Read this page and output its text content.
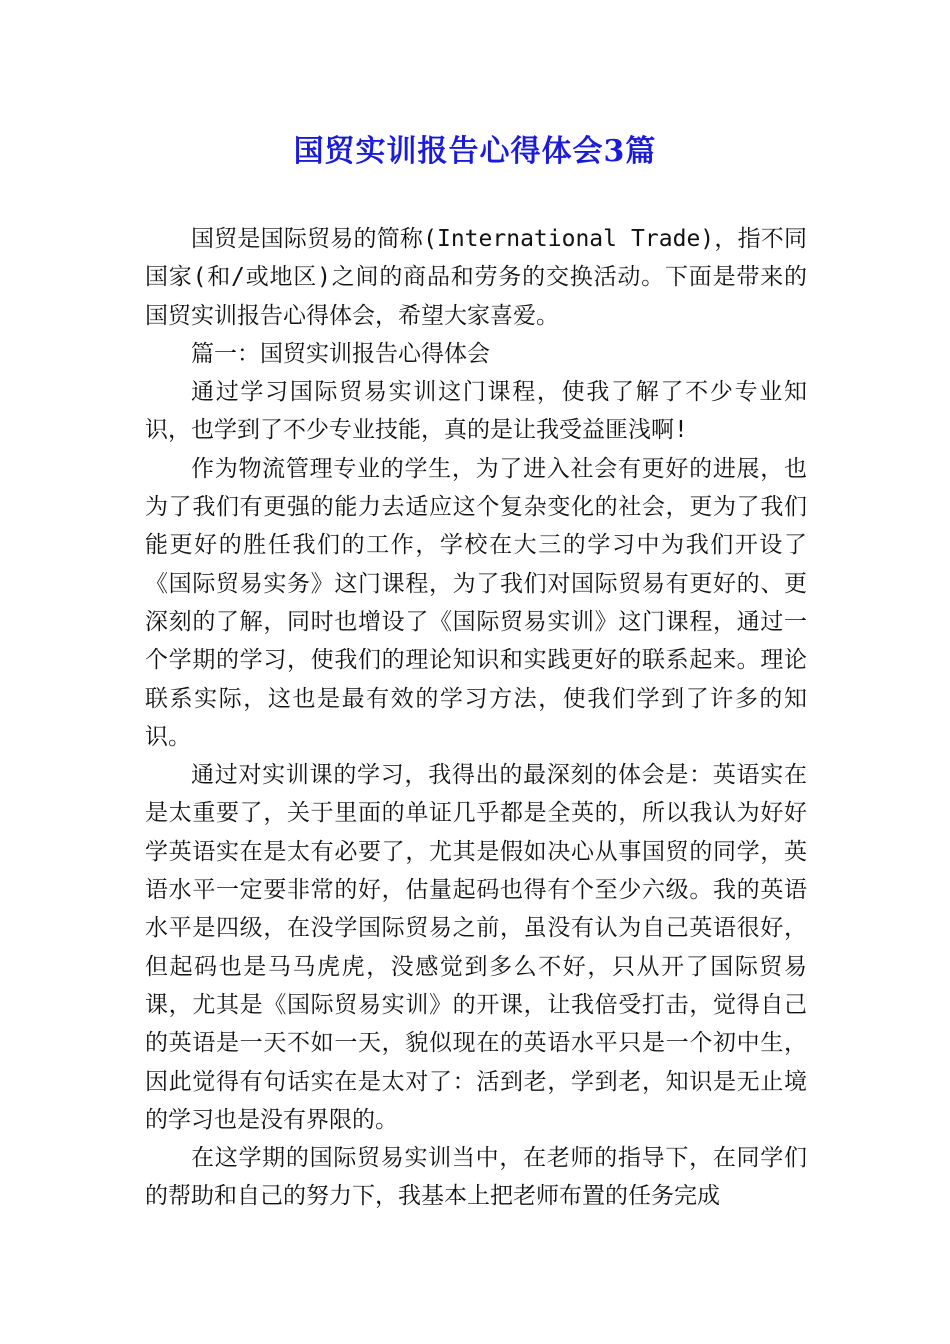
国贸实训报告心得体会3篇

国贸是国际贸易的简称(International Trade)，指不同国家(和/或地区)之间的商品和劳务的交换活动。下面是带来的国贸实训报告心得体会，希望大家喜爱。

篇一：国贸实训报告心得体会

通过学习国际贸易实训这门课程，使我了解了不少专业知识，也学到了不少专业技能，真的是让我受益匪浅啊!

作为物流管理专业的学生，为了进入社会有更好的进展，也为了我们有更强的能力去适应这个复杂变化的社会，更为了我们能更好的胜任我们的工作，学校在大三的学习中为我们开设了《国际贸易实务》这门课程，为了我们对国际贸易有更好的、更深刻的了解，同时也增设了《国际贸易实训》这门课程，通过一个学期的学习，使我们的理论知识和实践更好的联系起来。理论联系实际，这也是最有效的学习方法，使我们学到了许多的知识。

通过对实训课的学习，我得出的最深刻的体会是：英语实在是太重要了，关于里面的单证几乎都是全英的，所以我认为好好学英语实在是太有必要了，尤其是假如决心从事国贸的同学，英语水平一定要非常的好，估量起码也得有个至少六级。我的英语水平是四级，在没学国际贸易之前，虽没有认为自己英语很好，但起码也是马马虎虎，没感觉到多么不好，只从开了国际贸易课，尤其是《国际贸易实训》的开课，让我倍受打击，觉得自己的英语是一天不如一天，貌似现在的英语水平只是一个初中生，因此觉得有句话实在是太对了：活到老，学到老，知识是无止境的学习也是没有界限的。

在这学期的国际贸易实训当中，在老师的指导下，在同学们的帮助和自己的努力下，我基本上把老师布置的任务完成
